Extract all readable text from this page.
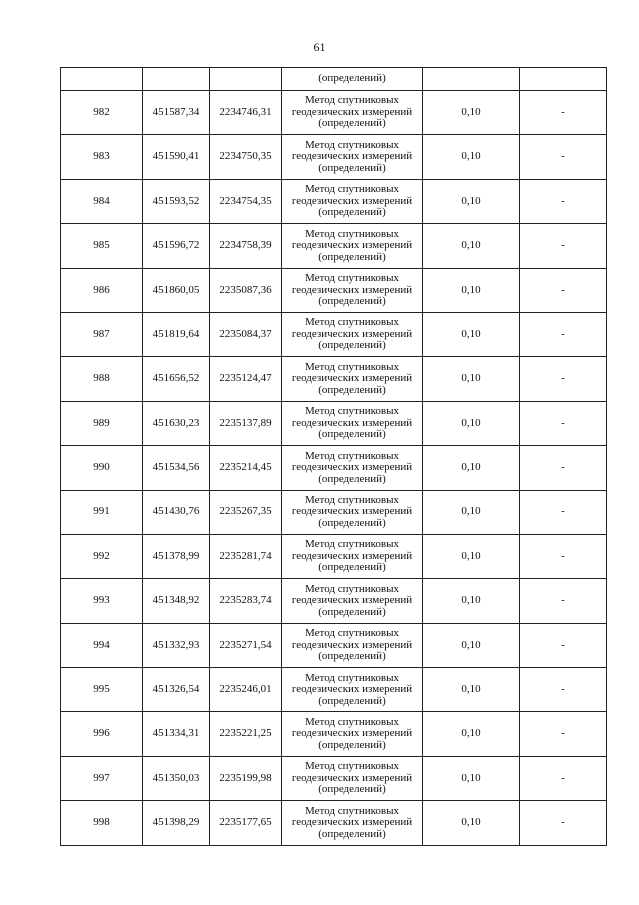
61
			(определений)		
982	451587,34	2234746,31	Метод спутниковых
геодезических измерений
(определений)	0,10	-
983	451590,41	2234750,35	Метод спутниковых
геодезических измерений
(определений)	0,10	-
984	451593,52	2234754,35	Метод спутниковых
геодезических измерений
(определений)	0,10	-
985	451596,72	2234758,39	Метод спутниковых
геодезических измерений
(определений)	0,10	-
986	451860,05	2235087,36	Метод спутниковых
геодезических измерений
(определений)	0,10	-
987	451819,64	2235084,37	Метод спутниковых
геодезических измерений
(определений)	0,10	-
988	451656,52	2235124,47	Метод спутниковых
геодезических измерений
(определений)	0,10	-
989	451630,23	2235137,89	Метод спутниковых
геодезических измерений
(определений)	0,10	-
990	451534,56	2235214,45	Метод спутниковых
геодезических измерений
(определений)	0,10	-
991	451430,76	2235267,35	Метод спутниковых
геодезических измерений
(определений)	0,10	-
992	451378,99	2235281,74	Метод спутниковых
геодезических измерений
(определений)	0,10	-
993	451348,92	2235283,74	Метод спутниковых
геодезических измерений
(определений)	0,10	-
994	451332,93	2235271,54	Метод спутниковых
геодезических измерений
(определений)	0,10	-
995	451326,54	2235246,01	Метод спутниковых
геодезических измерений
(определений)	0,10	-
996	451334,31	2235221,25	Метод спутниковых
геодезических измерений
(определений)	0,10	-
997	451350,03	2235199,98	Метод спутниковых
геодезических измерений
(определений)	0,10	-
998	451398,29	2235177,65	Метод спутниковых
геодезических измерений
(определений)	0,10	-
